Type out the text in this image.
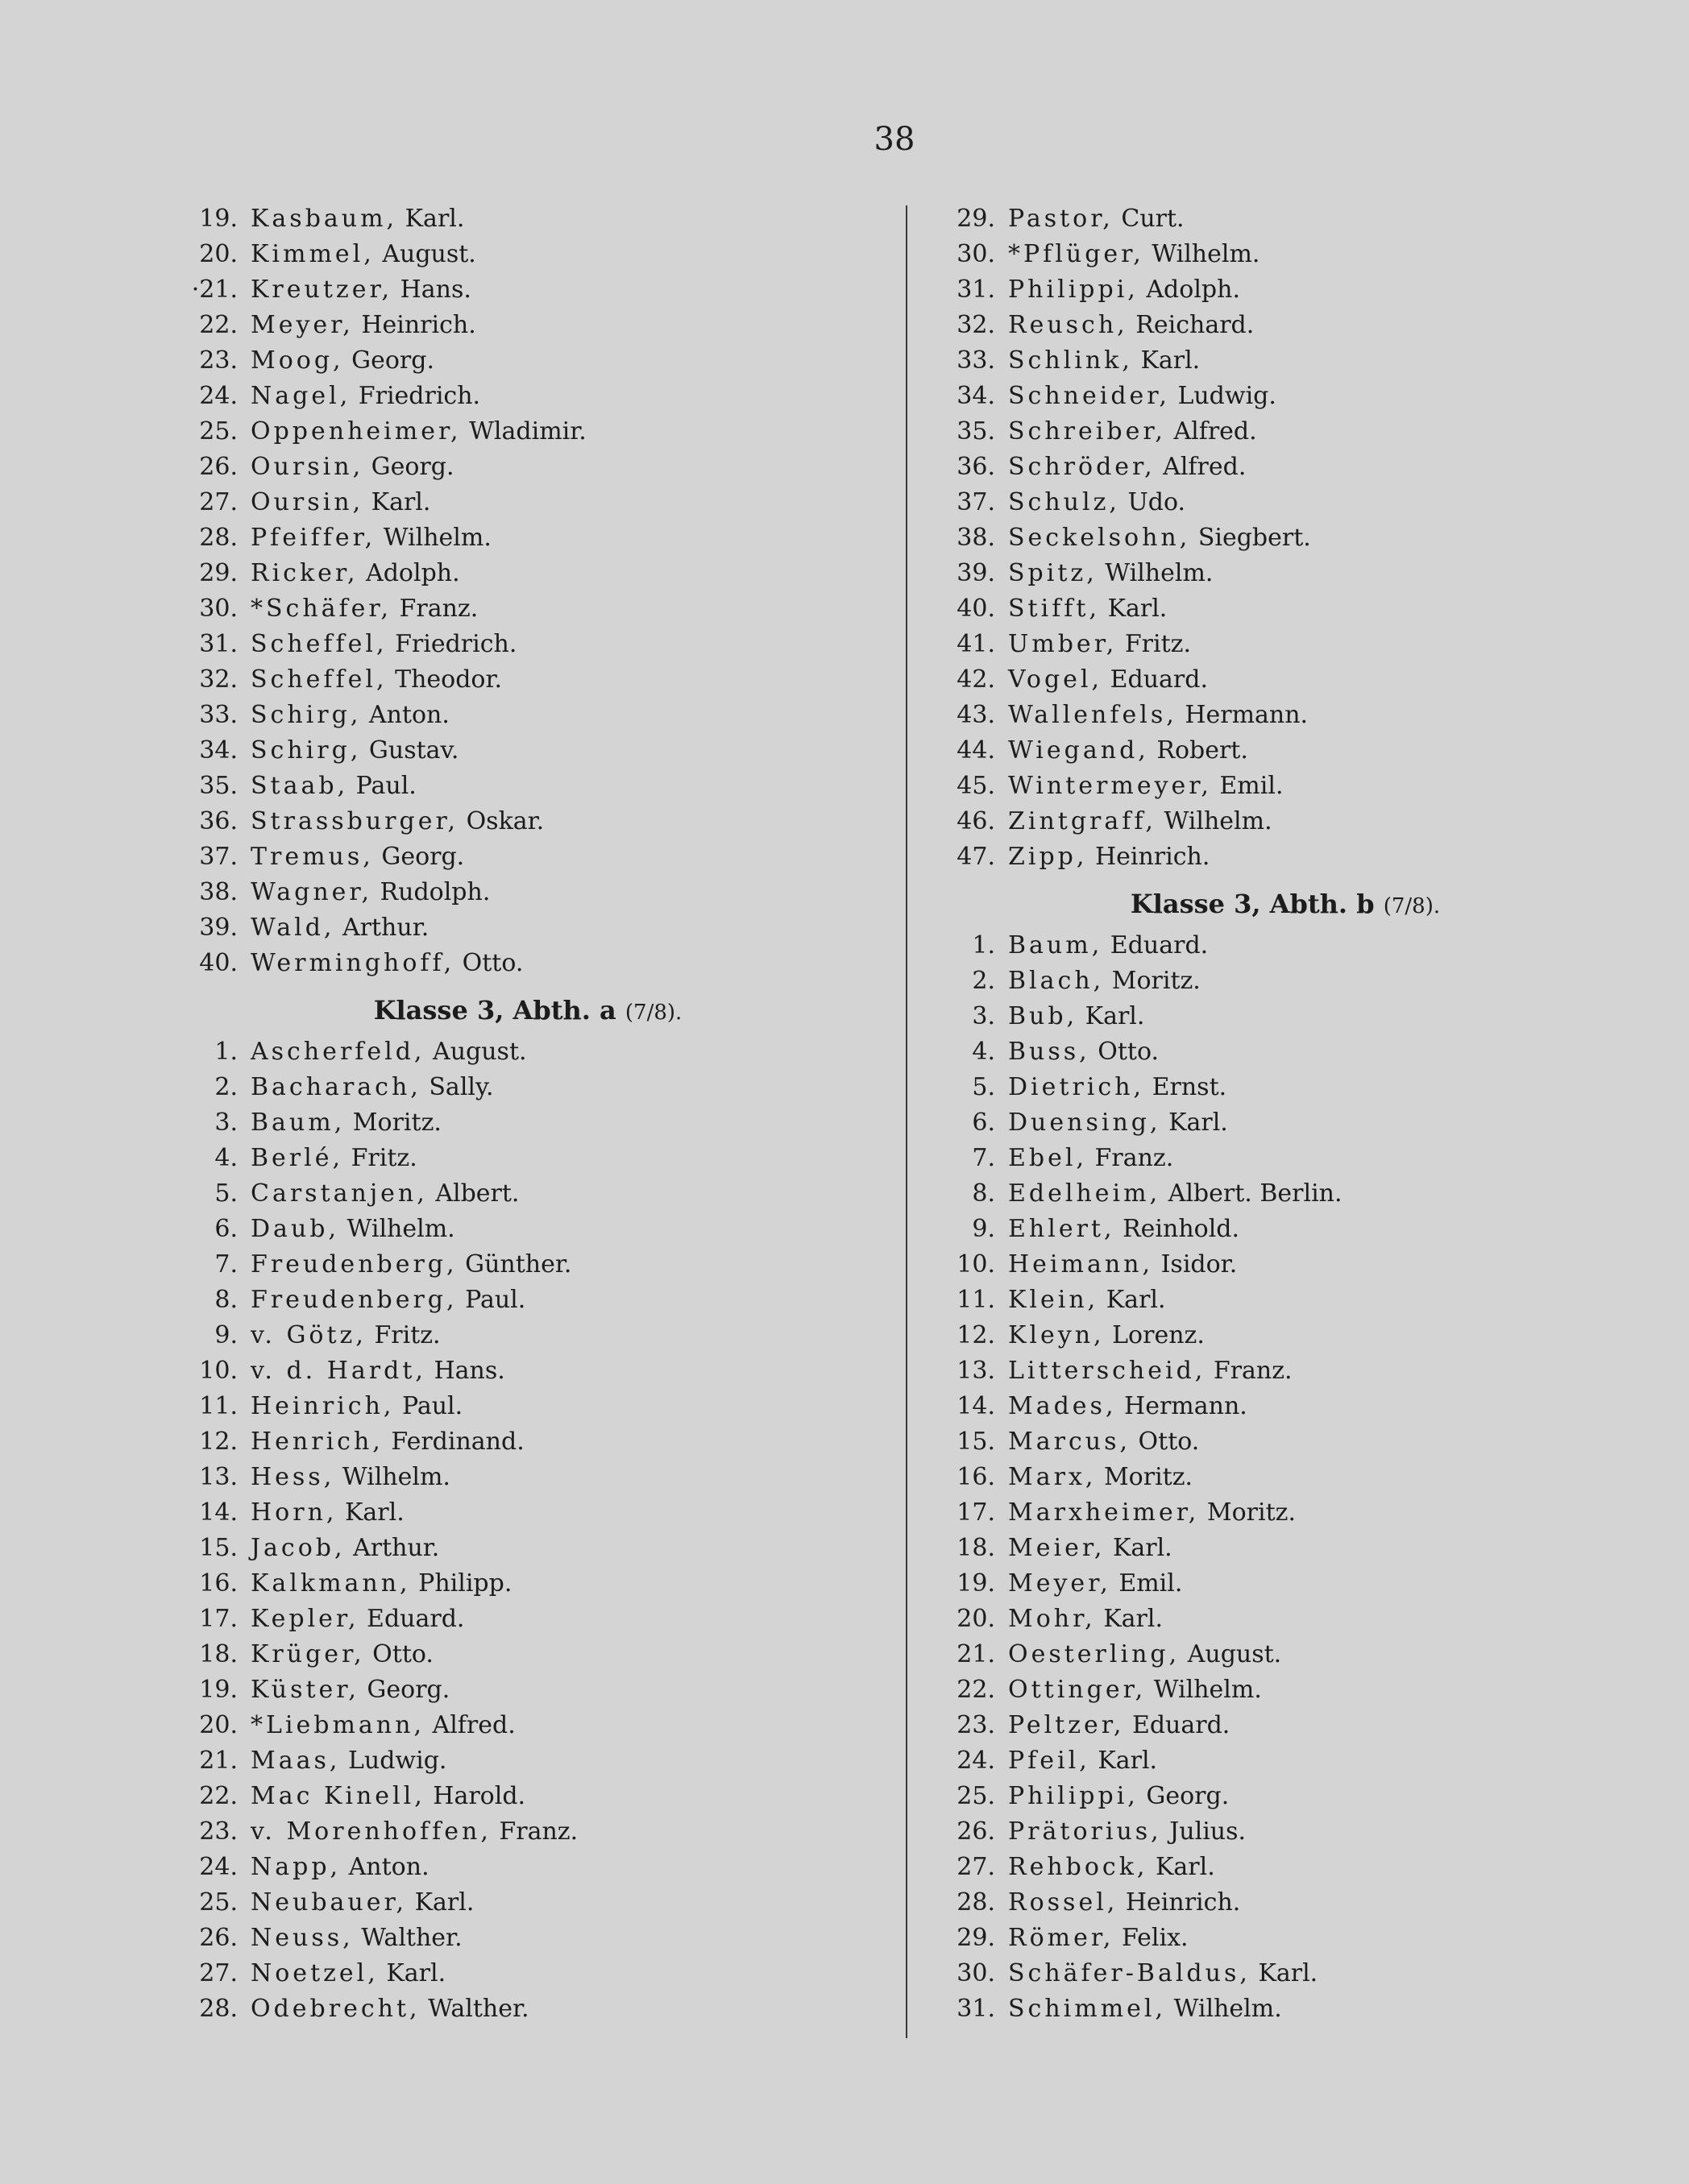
38
19. Kasbaum, Karl.
20. Kimmel, August.
·21. Kreutzer, Hans.
22. Meyer, Heinrich.
23. Moog, Georg.
24. Nagel, Friedrich.
25. Oppenheimer, Wladimir.
26. Oursin, Georg.
27. Oursin, Karl.
28. Pfeiffer, Wilhelm.
29. Ricker, Adolph.
30. *Schäfer, Franz.
31. Scheffel, Friedrich.
32. Scheffel, Theodor.
33. Schirg, Anton.
34. Schirg, Gustav.
35. Staab, Paul.
36. Strassburger, Oskar.
37. Tremus, Georg.
38. Wagner, Rudolph.
39. Wald, Arthur.
40. Werminghoff, Otto.
Klasse 3, Abth. a (7/8).
1. Ascherfeld, August.
2. Bacharach, Sally.
3. Baum, Moritz.
4. Berlé, Fritz.
5. Carstanjen, Albert.
6. Daub, Wilhelm.
7. Freudenberg, Günther.
8. Freudenberg, Paul.
9. v. Götz, Fritz.
10. v. d. Hardt, Hans.
11. Heinrich, Paul.
12. Henrich, Ferdinand.
13. Hess, Wilhelm.
14. Horn, Karl.
15. Jacob, Arthur.
16. Kalkmann, Philipp.
17. Kepler, Eduard.
18. Krüger, Otto.
19. Küster, Georg.
20. *Liebmann, Alfred.
21. Maas, Ludwig.
22. Mac Kinell, Harold.
23. v. Morenhoffen, Franz.
24. Napp, Anton.
25. Neubauer, Karl.
26. Neuss, Walther.
27. Noetzel, Karl.
28. Odebrecht, Walther.
29. Pastor, Curt.
30. *Pflüger, Wilhelm.
31. Philippi, Adolph.
32. Reusch, Reichard.
33. Schlink, Karl.
34. Schneider, Ludwig.
35. Schreiber, Alfred.
36. Schröder, Alfred.
37. Schulz, Udo.
38. Seckelsohn, Siegbert.
39. Spitz, Wilhelm.
40. Stifft, Karl.
41. Umber, Fritz.
42. Vogel, Eduard.
43. Wallenfels, Hermann.
44. Wiegand, Robert.
45. Wintermeyer, Emil.
46. Zintgraff, Wilhelm.
47. Zipp, Heinrich.
Klasse 3, Abth. b (7/8).
1. Baum, Eduard.
2. Blach, Moritz.
3. Bub, Karl.
4. Buss, Otto.
5. Dietrich, Ernst.
6. Duensing, Karl.
7. Ebel, Franz.
8. Edelheim, Albert. Berlin.
9. Ehlert, Reinhold.
10. Heimann, Isidor.
11. Klein, Karl.
12. Kleyn, Lorenz.
13. Litterscheid, Franz.
14. Mades, Hermann.
15. Marcus, Otto.
16. Marx, Moritz.
17. Marxheimer, Moritz.
18. Meier, Karl.
19. Meyer, Emil.
20. Mohr, Karl.
21. Oesterling, August.
22. Ottinger, Wilhelm.
23. Peltzer, Eduard.
24. Pfeil, Karl.
25. Philippi, Georg.
26. Prätorius, Julius.
27. Rehbock, Karl.
28. Rossel, Heinrich.
29. Römer, Felix.
30. Schäfer-Baldus, Karl.
31. Schimmel, Wilhelm.
